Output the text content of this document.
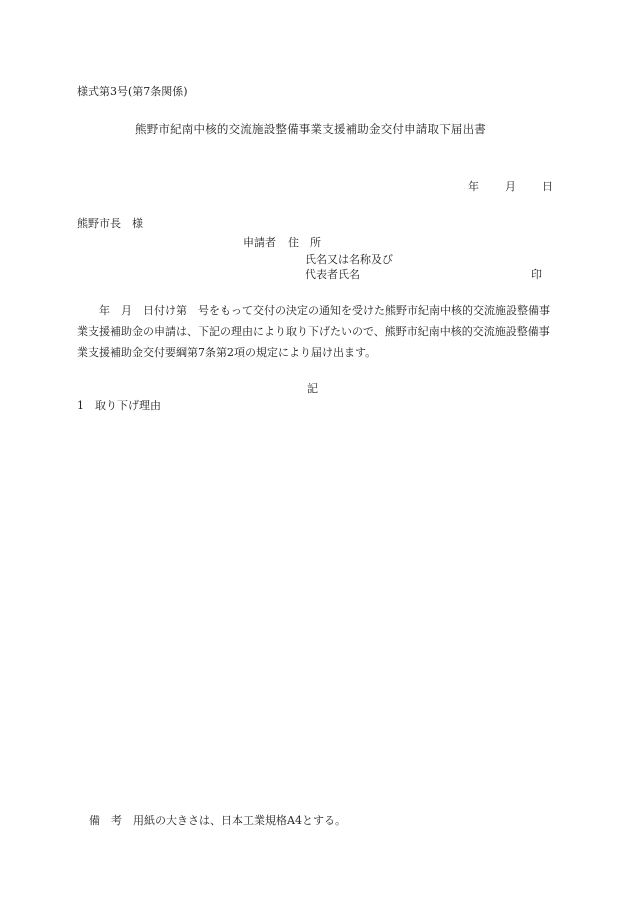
様式第3号(第7条関係)
熊野市紀南中核的交流施設整備事業支援補助金交付申請取下届出書
年 月 日
熊野市長　様
申請者 住　所
氏名又は名称及び
代表者氏名	印
年　月　日付け第　号をもって交付の決定の通知を受けた熊野市紀南中核的交流施設整備事業支援補助金の申請は、下記の理由により取り下げたいので、熊野市紀南中核的交流施設整備事業支援補助金交付要綱第7条第2項の規定により届け出ます。
記
1　取り下げ理由
備　考　用紙の大きさは、日本工業規格A4とする。
